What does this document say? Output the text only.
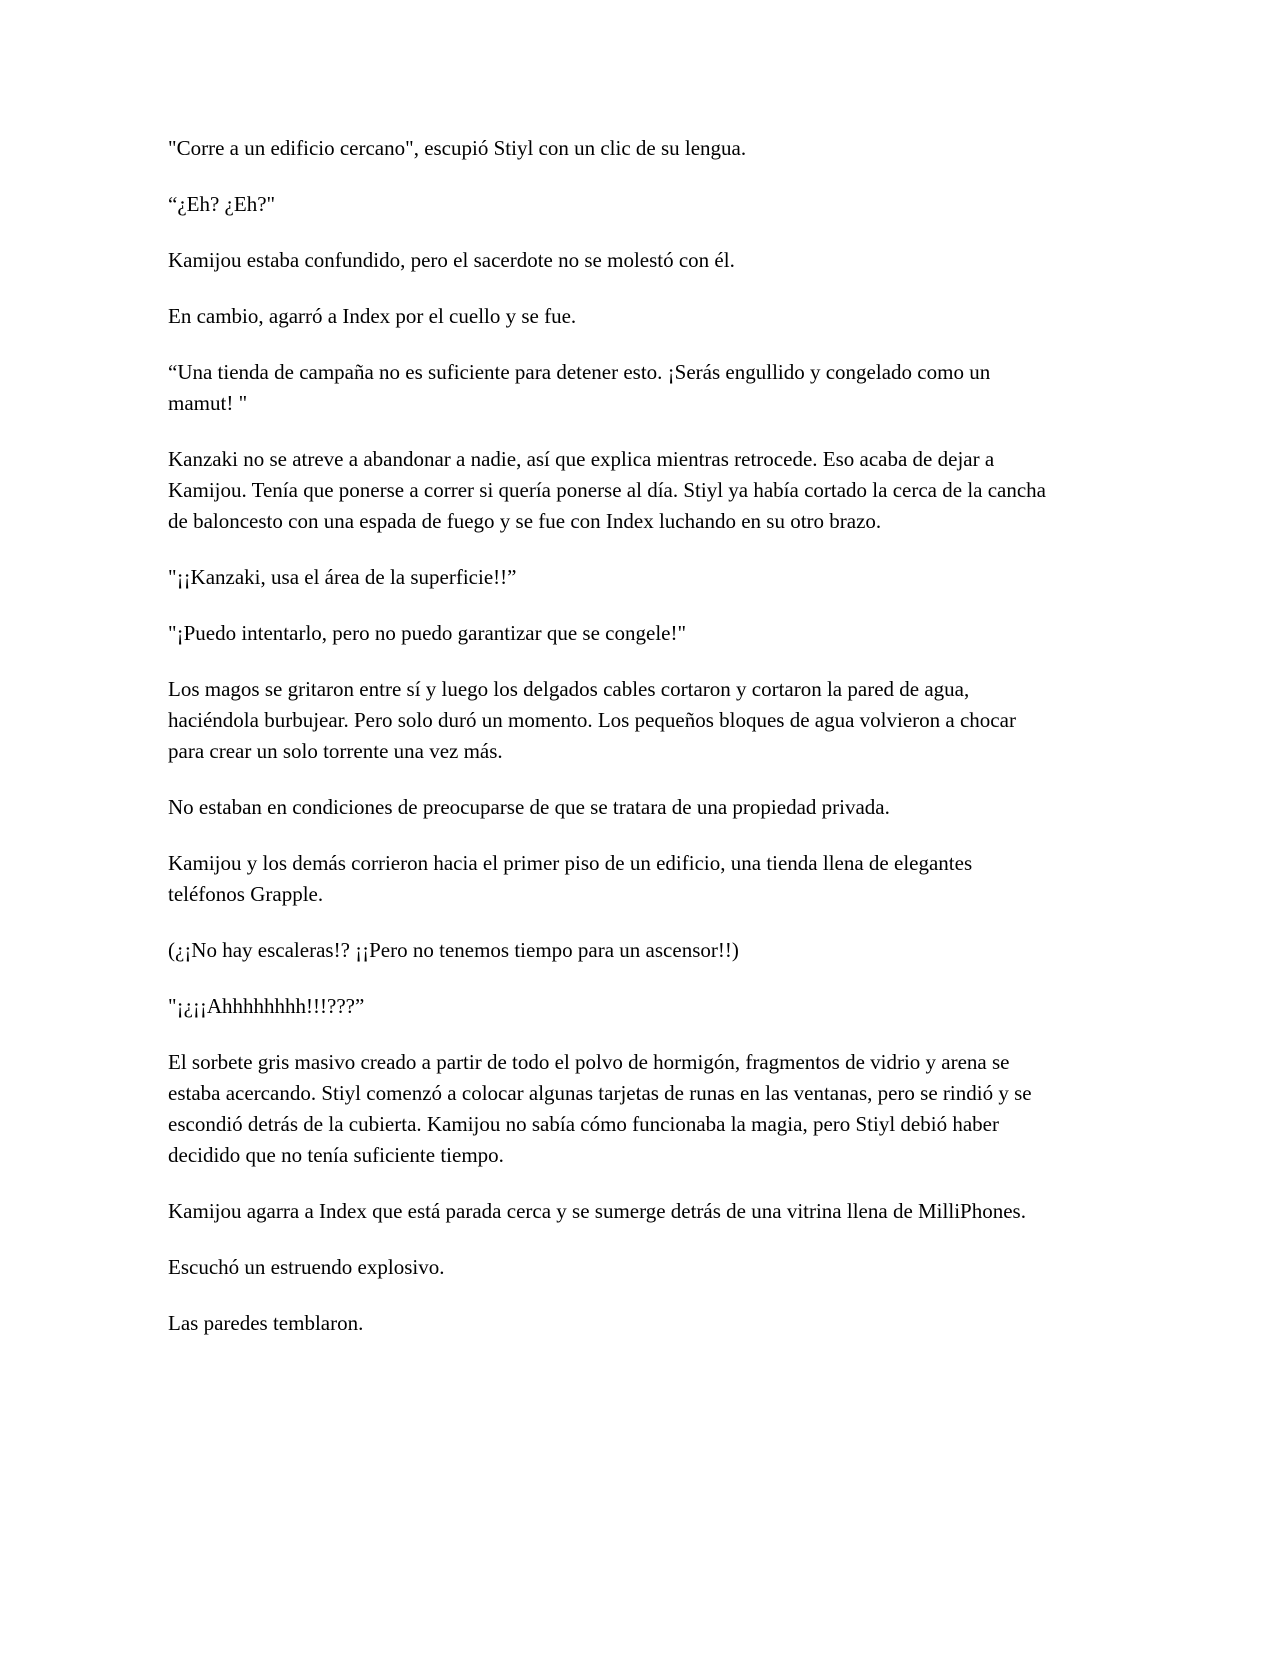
"Corre a un edificio cercano", escupió Stiyl con un clic de su lengua.

“¿Eh? ¿Eh?"

Kamijou estaba confundido, pero el sacerdote no se molestó con él.

En cambio, agarró a Index por el cuello y se fue.

“Una tienda de campaña no es suficiente para detener esto. ¡Serás engullido y congelado como un mamut! "

Kanzaki no se atreve a abandonar a nadie, así que explica mientras retrocede. Eso acaba de dejar a Kamijou. Tenía que ponerse a correr si quería ponerse al día. Stiyl ya había cortado la cerca de la cancha de baloncesto con una espada de fuego y se fue con Index luchando en su otro brazo.

"¡¡Kanzaki, usa el área de la superficie!!”

"¡Puedo intentarlo, pero no puedo garantizar que se congele!"

Los magos se gritaron entre sí y luego los delgados cables cortaron y cortaron la pared de agua, haciéndola burbujear. Pero solo duró un momento. Los pequeños bloques de agua volvieron a chocar para crear un solo torrente una vez más.

No estaban en condiciones de preocuparse de que se tratara de una propiedad privada.

Kamijou y los demás corrieron hacia el primer piso de un edificio, una tienda llena de elegantes teléfonos Grapple.

(¿¡No hay escaleras!? ¡¡Pero no tenemos tiempo para un ascensor!!)

"¡¿¡¡Ahhhhhhhh!!!???”

El sorbete gris masivo creado a partir de todo el polvo de hormigón, fragmentos de vidrio y arena se estaba acercando. Stiyl comenzó a colocar algunas tarjetas de runas en las ventanas, pero se rindió y se escondió detrás de la cubierta. Kamijou no sabía cómo funcionaba la magia, pero Stiyl debió haber decidido que no tenía suficiente tiempo.

Kamijou agarra a Index que está parada cerca y se sumerge detrás de una vitrina llena de MilliPhones.

Escuchó un estruendo explosivo.

Las paredes temblaron.
